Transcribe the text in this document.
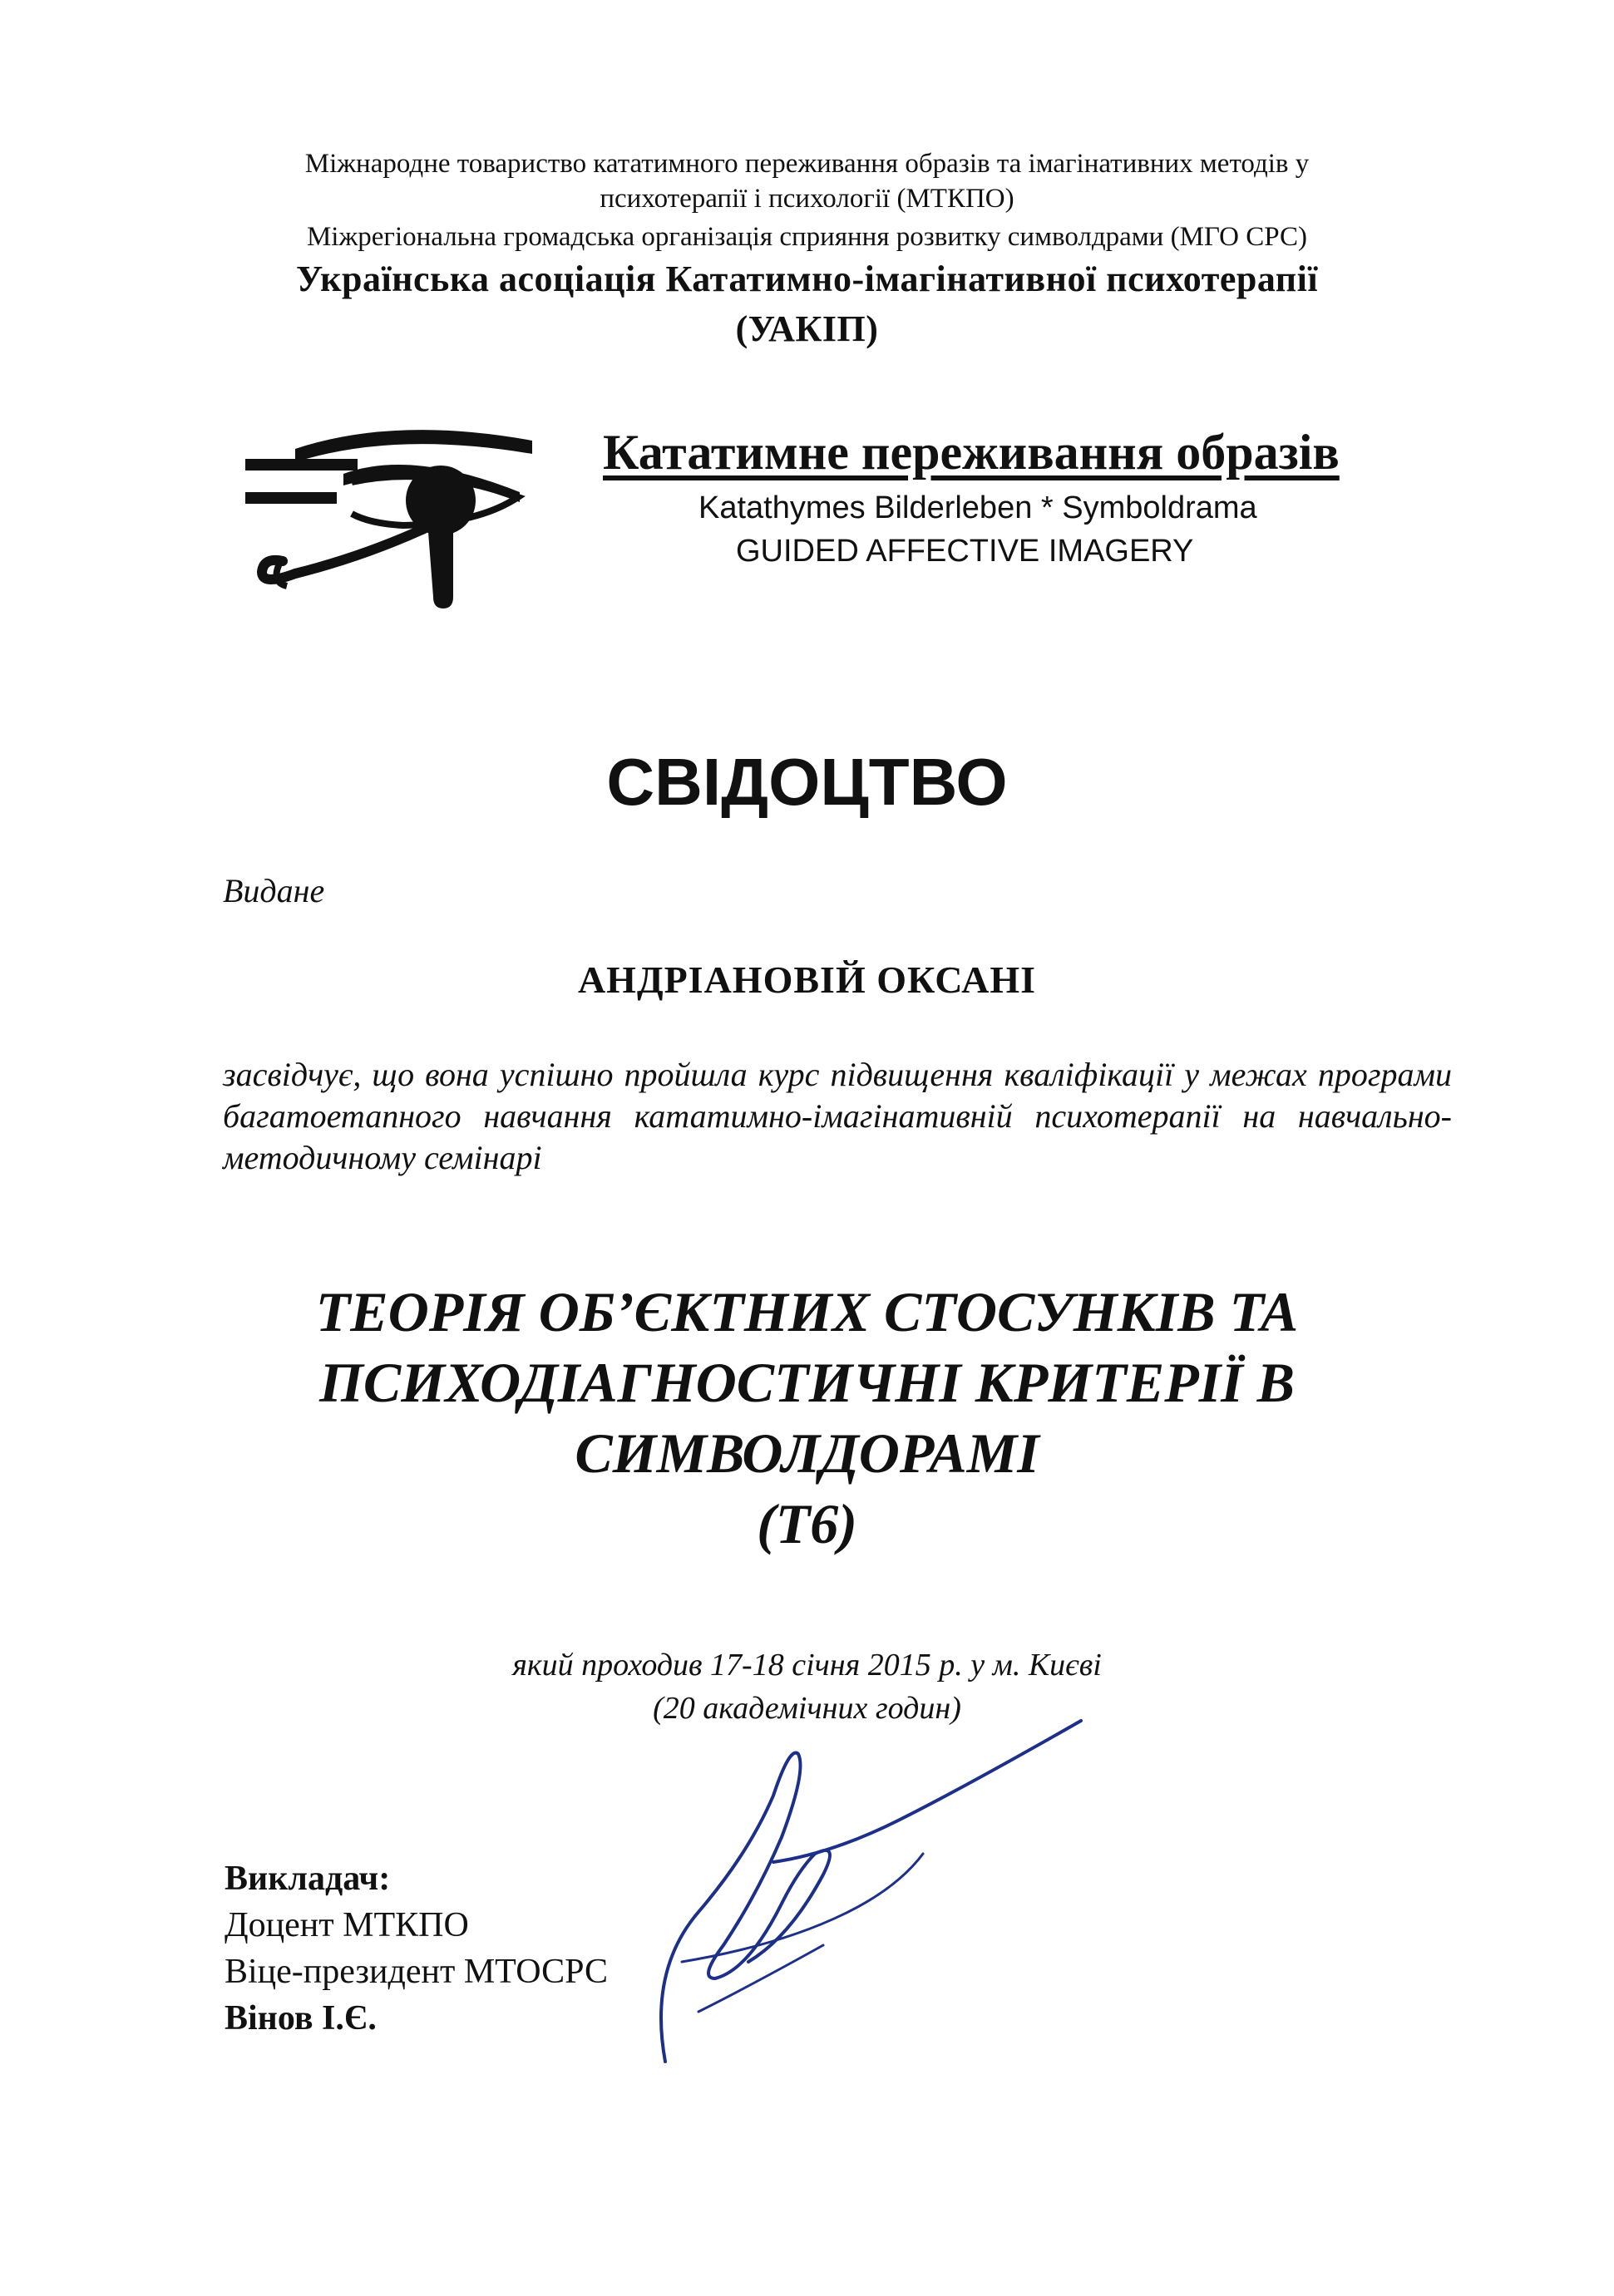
Міжнародне товариство кататимного переживання образів та імагінативних методів у
психотерапії і психології (МТКПО)
Міжрегіональна громадська організація сприяння розвитку символдрами (МГО СРС)
Українська асоціація Кататимно-імагінативної психотерапії
(УАКІП)
Кататимне переживання образів
Katathymes Bilderleben * Symboldrama
GUIDED AFFECTIVE IMAGERY
СВІДОЦТВО
Видане
АНДРІАНОВІЙ ОКСАНІ
засвідчує, що вона успішно пройшла курс підвищення кваліфікації у межах програми багатоетапного навчання кататимно-імагінативній психотерапії на навчально-методичному семінарі
ТЕОРІЯ ОБ’ЄКТНИХ СТОСУНКІВ ТА
ПСИХОДІАГНОСТИЧНІ КРИТЕРІЇ В
СИМВОЛДОРАМІ
(Т6)
який проходив 17-18 січня 2015 р. у м. Києві
(20 академічних годин)
Викладач:
Доцент МТКПО
Віце-президент МТОСРС
Вінов І.Є.
